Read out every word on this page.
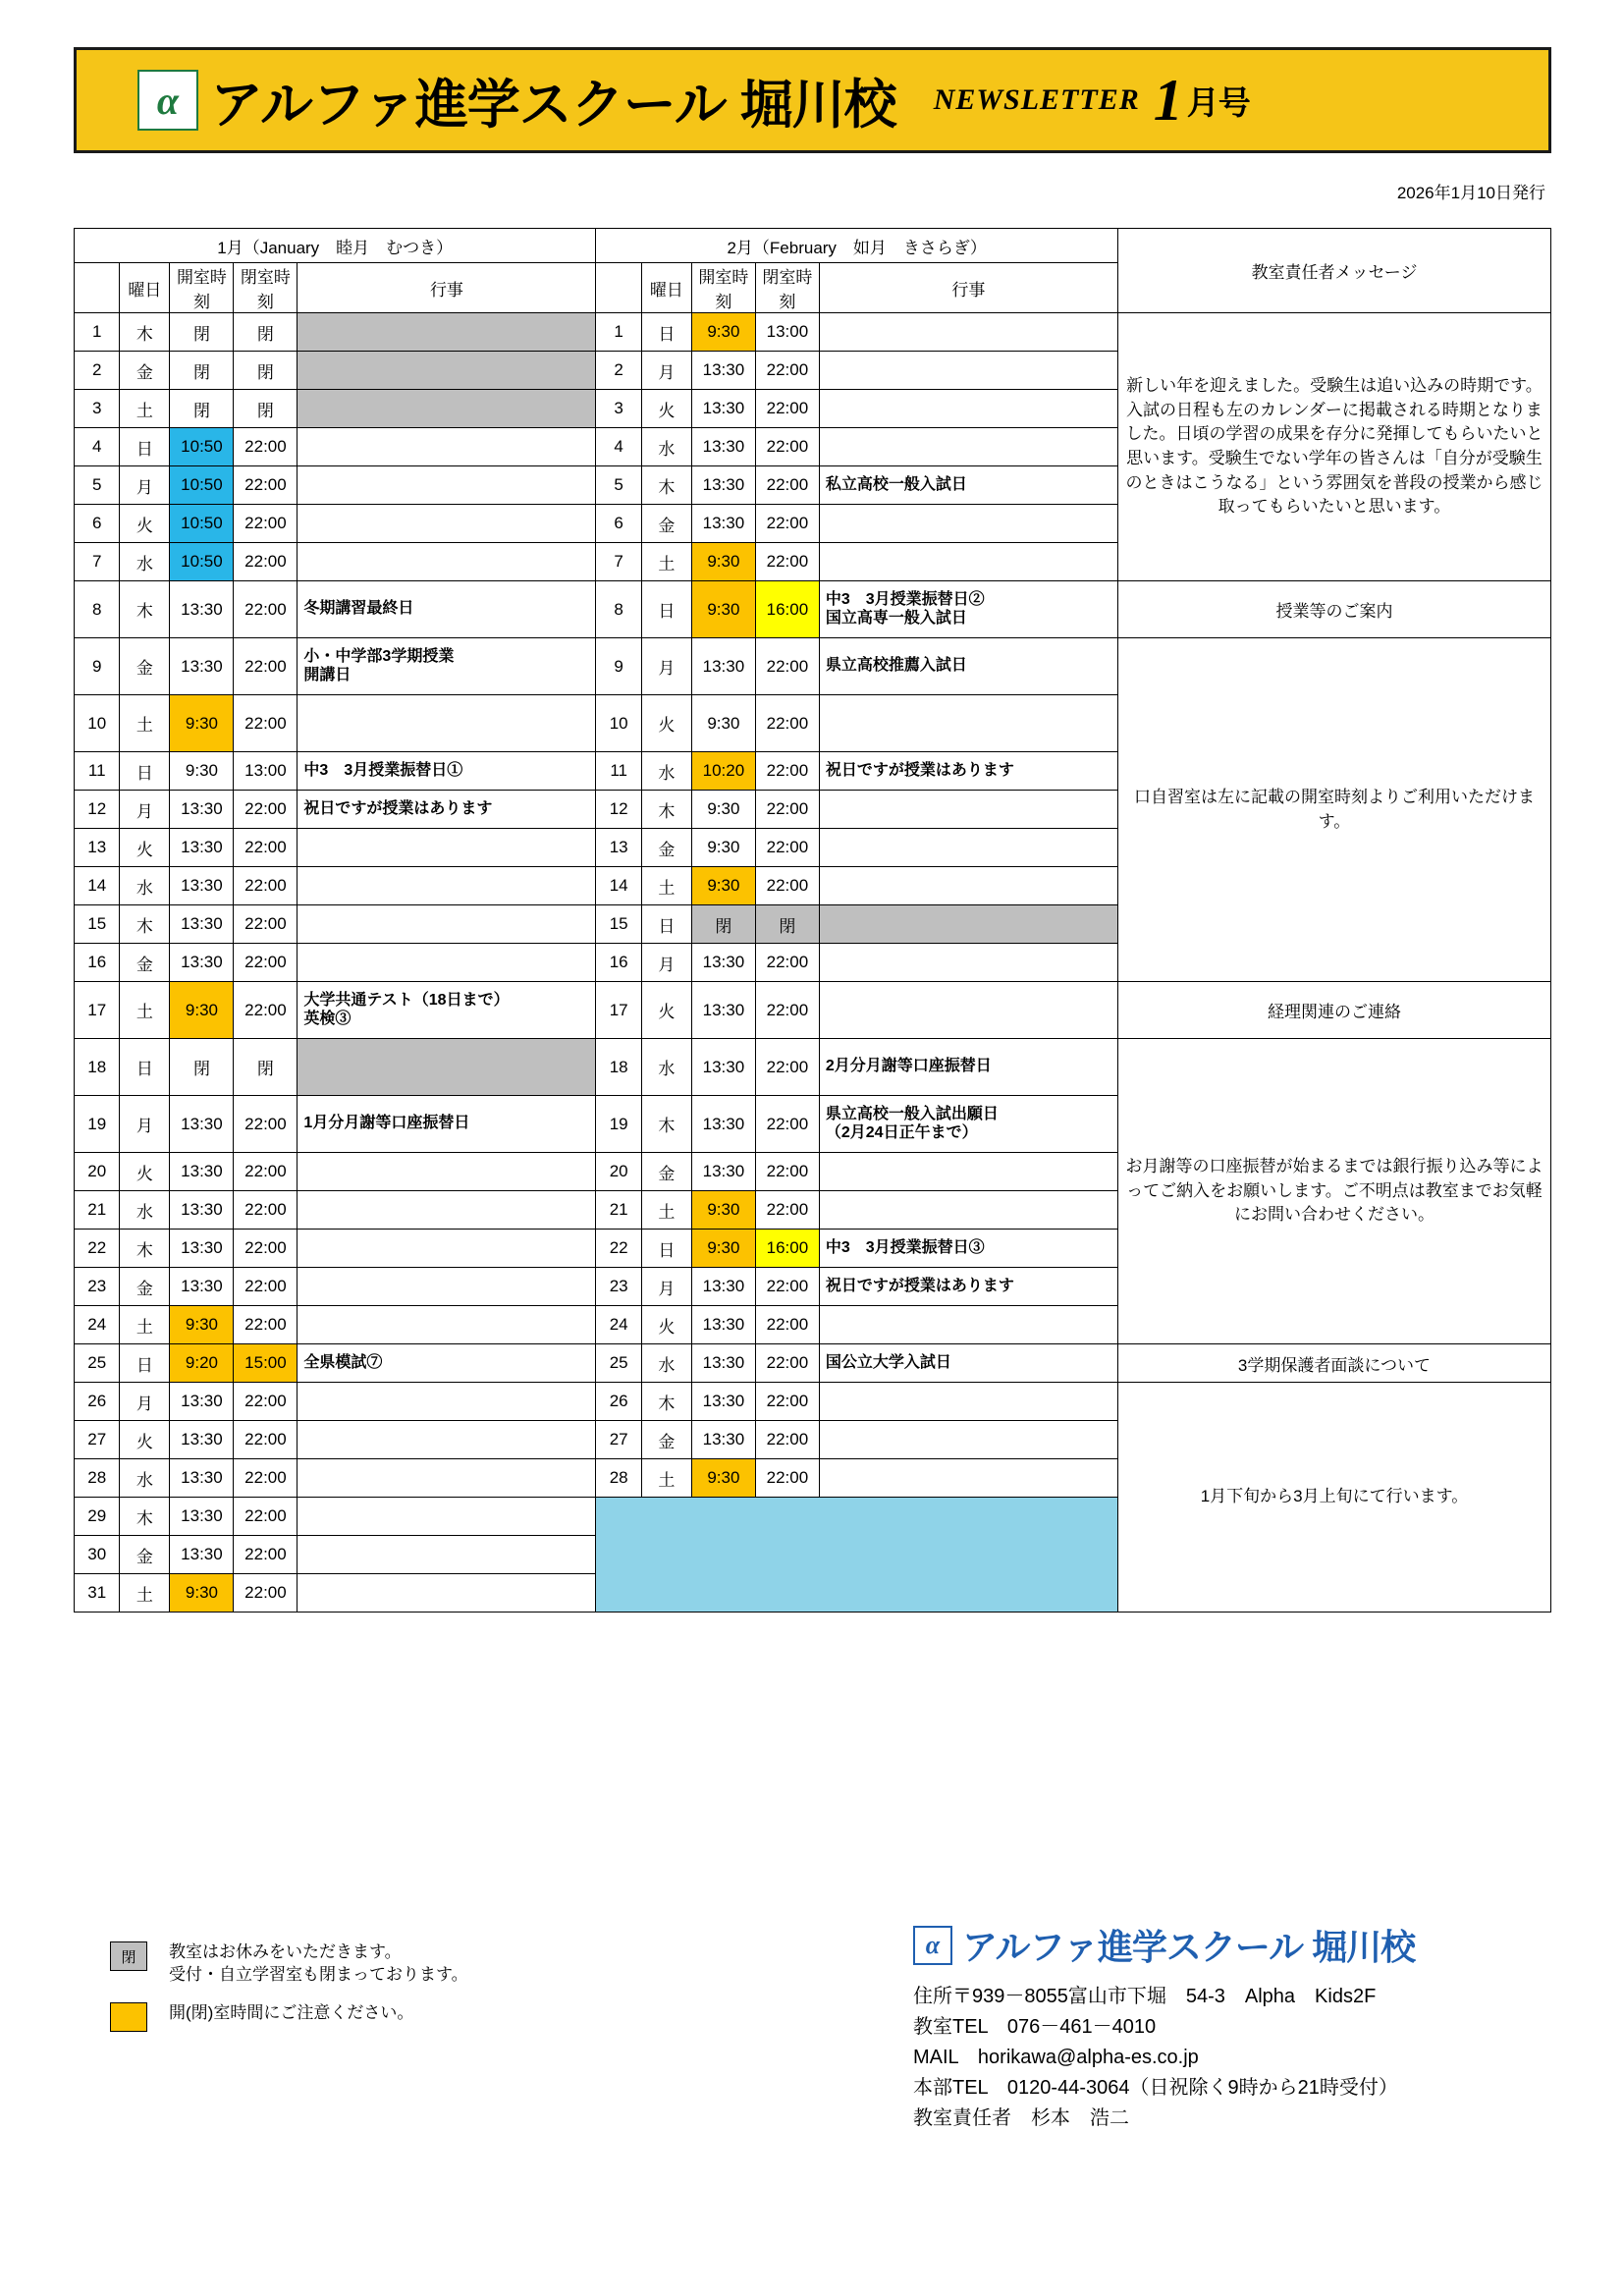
α アルファ進学スクール 堀川校 NEWSLETTER 1 月号
2026年1月10日発行
1月（January　睦月　むつき）					2月（February　如月　きさらぎ）					教室責任者メッセージ
	曜日	開室時刻	閉室時刻	行事		曜日	開室時刻	閉室時刻	行事	
1	木	閉	閉		1	日	9:30	13:00		新しい年を迎えました。受験生は追い込みの時期です。入試の日程も左のカレンダーに掲載される時期となりました。日頃の学習の成果を存分に発揮してもらいたいと思います。受験生でない学年の皆さんは「自分が受験生のときはこうなる」という雰囲気を普段の授業から感じ取ってもらいたいと思います。
2	金	閉	閉		2	月	13:30	22:00		
3	土	閉	閉		3	火	13:30	22:00		
4	日	10:50	22:00		4	水	13:30	22:00		
5	月	10:50	22:00		5	木	13:30	22:00	私立高校一般入試日	
6	火	10:50	22:00		6	金	13:30	22:00		
7	水	10:50	22:00		7	土	9:30	22:00		
8	木	13:30	22:00	冬期講習最終日	8	日	9:30	16:00	中3　3月授業振替日②
国立高専一般入試日	授業等のご案内
9	金	13:30	22:00	小・中学部3学期授業
開講日	9	月	13:30	22:00	県立高校推薦入試日	口自習室は左に記載の開室時刻よりご利用いただけます。
10	土	9:30	22:00		10	火	9:30	22:00		
11	日	9:30	13:00	中3　3月授業振替日①	11	水	10:20	22:00	祝日ですが授業はあります	
12	月	13:30	22:00	祝日ですが授業はあります	12	木	9:30	22:00		
13	火	13:30	22:00		13	金	9:30	22:00		
14	水	13:30	22:00		14	土	9:30	22:00		
15	木	13:30	22:00		15	日	閉	閉		
16	金	13:30	22:00		16	月	13:30	22:00		
17	土	9:30	22:00	大学共通テスト（18日まで）
英検③	17	火	13:30	22:00		経理関連のご連絡
18	日	閉	閉		18	水	13:30	22:00	2月分月謝等口座振替日	お月謝等の口座振替が始まるまでは銀行振り込み等によってご納入をお願いします。ご不明点は教室までお気軽にお問い合わせください。
19	月	13:30	22:00	1月分月謝等口座振替日	19	木	13:30	22:00	県立高校一般入試出願日
（2月24日正午まで）	
20	火	13:30	22:00		20	金	13:30	22:00		
21	水	13:30	22:00		21	土	9:30	22:00		
22	木	13:30	22:00		22	日	9:30	16:00	中3　3月授業振替日③	
23	金	13:30	22:00		23	月	13:30	22:00	祝日ですが授業はあります	
24	土	9:30	22:00		24	火	13:30	22:00		
25	日	9:20	15:00	全県模試⑦	25	水	13:30	22:00	国公立大学入試日	3学期保護者面談について
26	月	13:30	22:00		26	木	13:30	22:00		1月下旬から3月上旬にて行います。
27	火	13:30	22:00		27	金	13:30	22:00		
28	水	13:30	22:00		28	土	9:30	22:00		
29	木	13:30	22:00							
30	金	13:30	22:00							
31	土	9:30	22:00							
閉	教室はお休みをいただきます。
受付・自立学習室も閉まっております。
開(閉)室時間にご注意ください。
α アルファ進学スクール 堀川校
住所〒939－8055富山市下堀　54-3　Alpha　Kids2F
教室TEL　076－461－4010
MAIL　horikawa@alpha-es.co.jp
本部TEL　0120-44-3064（日祝除く9時から21時受付）
教室責任者　杉本　浩二
